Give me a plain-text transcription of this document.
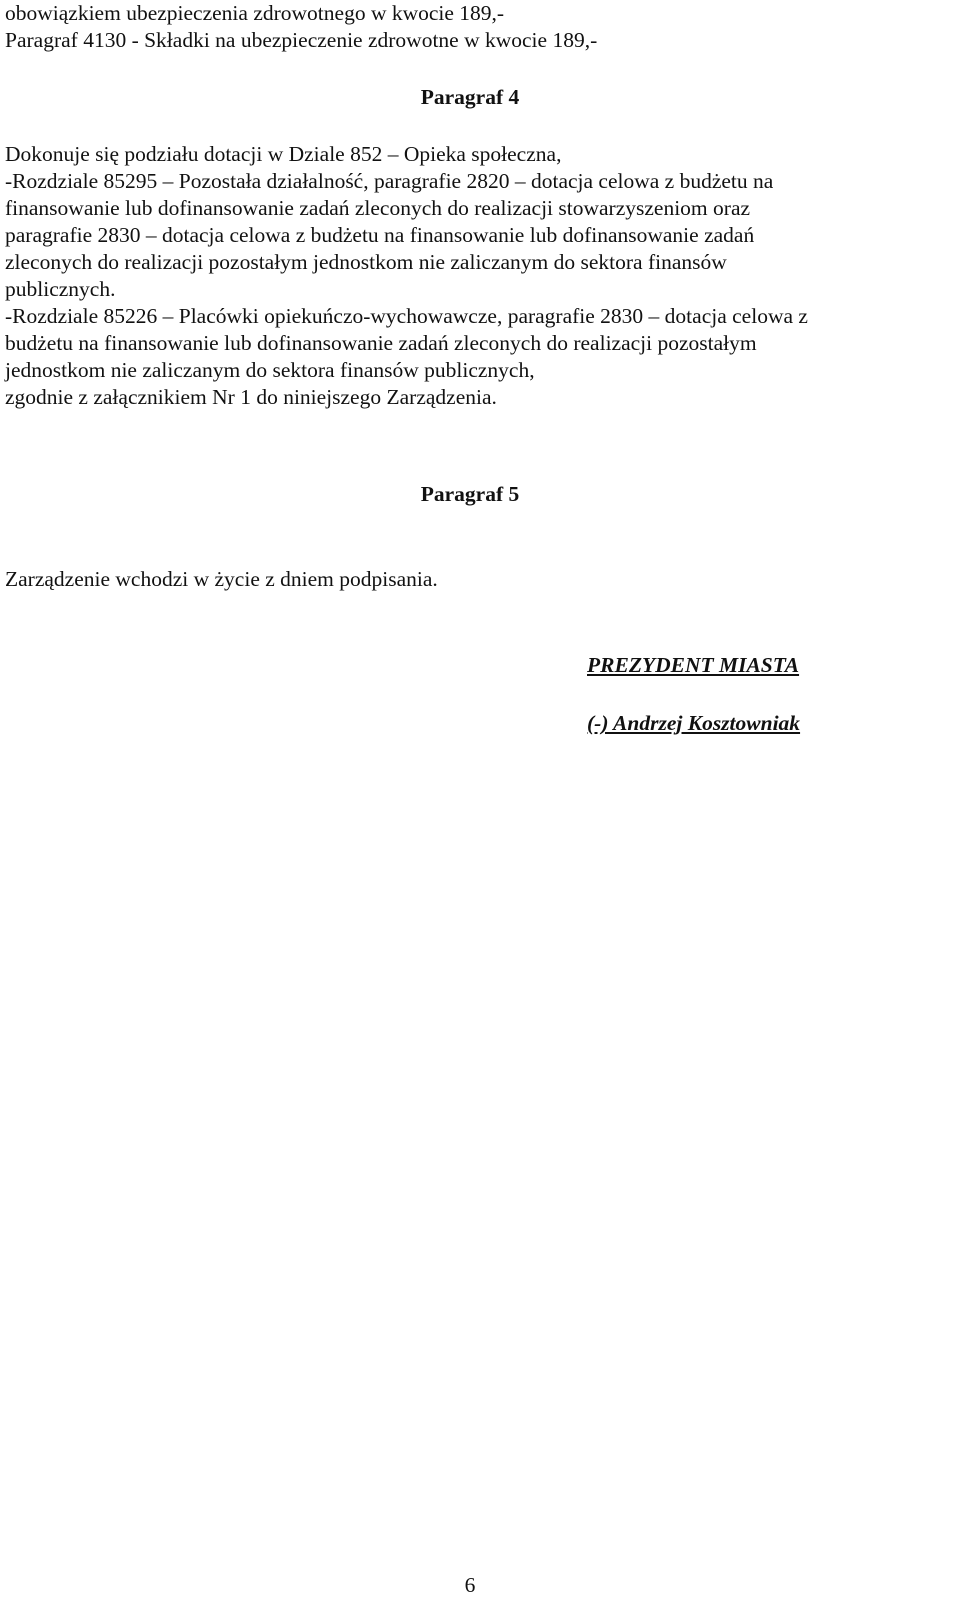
obowiązkiem ubezpieczenia zdrowotnego w kwocie 189,-
Paragraf 4130 - Składki na ubezpieczenie zdrowotne w kwocie 189,-
Paragraf 4
Dokonuje się podziału dotacji w Dziale 852 – Opieka społeczna,
-Rozdziale 85295 – Pozostała działalność, paragrafie 2820 – dotacja celowa z budżetu na
finansowanie lub dofinansowanie zadań zleconych do realizacji stowarzyszeniom oraz
paragrafie 2830 – dotacja celowa z budżetu na finansowanie lub dofinansowanie zadań
zleconych do realizacji pozostałym jednostkom nie zaliczanym do sektora finansów
publicznych.
-Rozdziale 85226 – Placówki opiekuńczo-wychowawcze, paragrafie 2830 – dotacja celowa z
budżetu na finansowanie lub dofinansowanie zadań zleconych do realizacji pozostałym
jednostkom nie zaliczanym do sektora finansów publicznych,
zgodnie z załącznikiem Nr 1 do niniejszego Zarządzenia.
Paragraf 5
Zarządzenie wchodzi w życie z dniem podpisania.
PREZYDENT MIASTA
(-) Andrzej Kosztowniak
6
